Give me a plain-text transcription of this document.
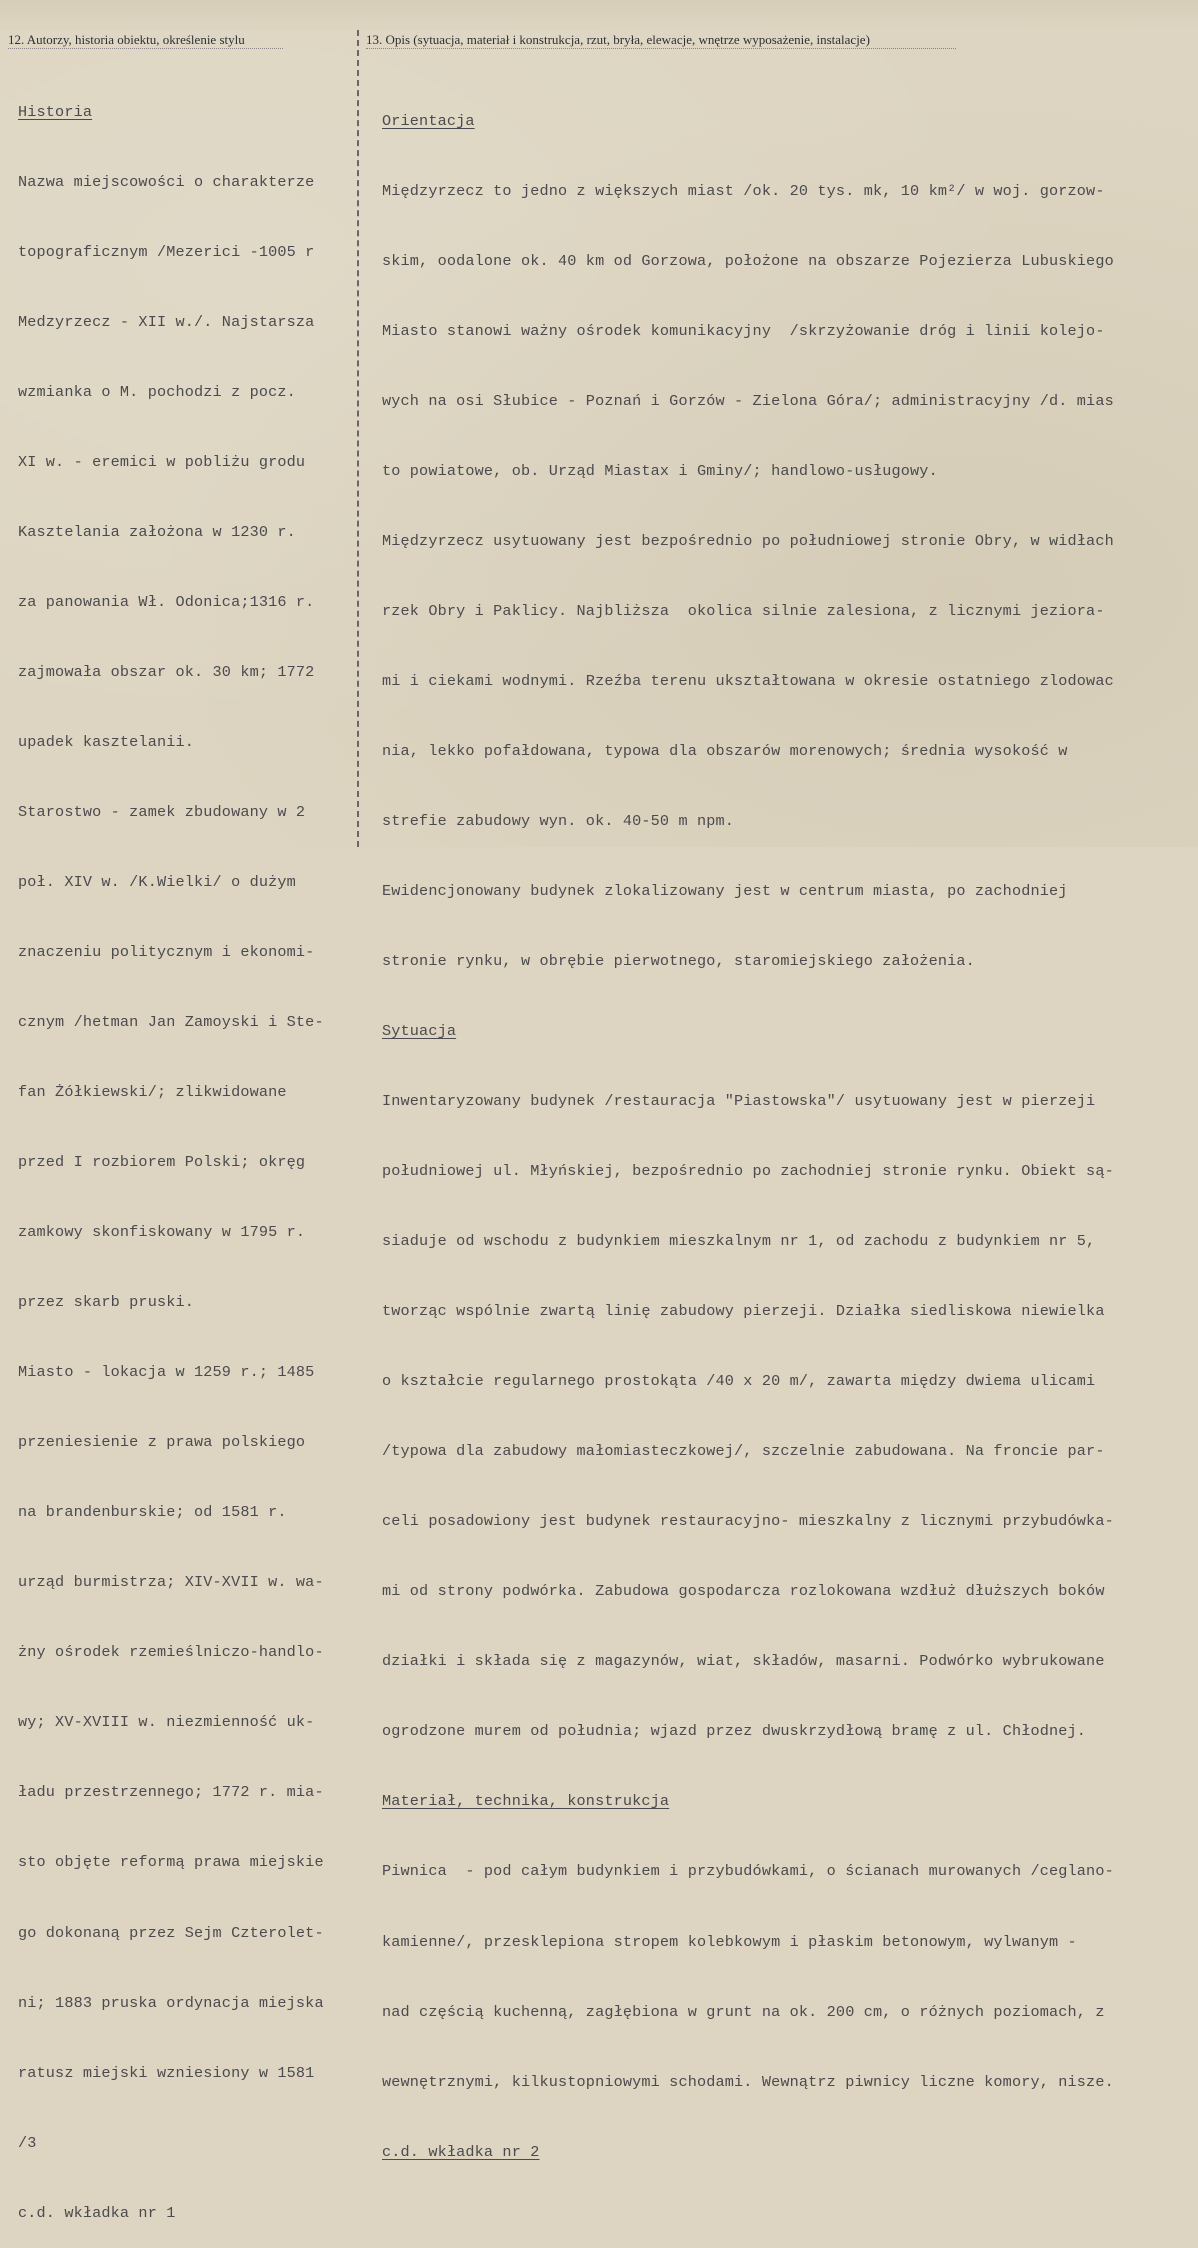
12. Autorzy, historia obiektu, określenie stylu	13. Opis (sytuacja, materiał i konstrukcja, rzut, bryła, elewacje, wnętrze wyposażenie, instalacje)

Historia

Nazwa miejscowości o charakterze

topograficznym /Mezerici -1005 r

Medzyrzecz - XII w./. Najstarsza

wzmianka o M. pochodzi z pocz.

XI w. - eremici w pobliżu grodu

Kasztelania założona w 1230 r.

za panowania Wł. Odonica;1316 r.

zajmowała obszar ok. 30 km; 1772

upadek kasztelanii.

Starostwo - zamek zbudowany w 2

poł. XIV w. /K.Wielki/ o dużym

znaczeniu politycznym i ekonomi-

cznym /hetman Jan Zamoyski i Ste-

fan Żółkiewski/; zlikwidowane

przed I rozbiorem Polski; okręg

zamkowy skonfiskowany w 1795 r.

przez skarb pruski.

Miasto - lokacja w 1259 r.; 1485

przeniesienie z prawa polskiego

na brandenburskie; od 1581 r.

urząd burmistrza; XIV-XVII w. wa-

żny ośrodek rzemieślniczo-handlo-

wy; XV-XVIII w. niezmienność uk-

ładu przestrzennego; 1772 r. mia-

sto objęte reformą prawa miejskie

go dokonaną przez Sejm Czterolet-

ni; 1883 pruska ordynacja miejska

ratusz miejski wzniesiony w 1581

/3

c.d. wkładka nr 1

Orientacja

Międzyrzecz to jedno z większych miast /ok. 20 tys. mk, 10 km²/ w woj. gorzow-

skim, oodalone ok. 40 km od Gorzowa, położone na obszarze Pojezierza Lubuskiego

Miasto stanowi ważny ośrodek komunikacyjny  /skrzyżowanie dróg i linii kolejo-

wych na osi Słubice - Poznań i Gorzów - Zielona Góra/; administracyjny /d. mias

to powiatowe, ob. Urząd Miastax i Gminy/; handlowo-usługowy.

Międzyrzecz usytuowany jest bezpośrednio po południowej stronie Obry, w widłach

rzek Obry i Paklicy. Najbliższa  okolica silnie zalesiona, z licznymi jeziora-

mi i ciekami wodnymi. Rzeźba terenu ukształtowana w okresie ostatniego zlodowac

nia, lekko pofałdowana, typowa dla obszarów morenowych; średnia wysokość w

strefie zabudowy wyn. ok. 40-50 m npm.

Ewidencjonowany budynek zlokalizowany jest w centrum miasta, po zachodniej

stronie rynku, w obrębie pierwotnego, staromiejskiego założenia.

Sytuacja

Inwentaryzowany budynek /restauracja "Piastowska"/ usytuowany jest w pierzeji

południowej ul. Młyńskiej, bezpośrednio po zachodniej stronie rynku. Obiekt są-

siaduje od wschodu z budynkiem mieszkalnym nr 1, od zachodu z budynkiem nr 5,

tworząc wspólnie zwartą linię zabudowy pierzeji. Działka siedliskowa niewielka

o kształcie regularnego prostokąta /40 x 20 m/, zawarta między dwiema ulicami

/typowa dla zabudowy małomiasteczkowej/, szczelnie zabudowana. Na froncie par-

celi posadowiony jest budynek restauracyjno- mieszkalny z licznymi przybudówka-

mi od strony podwórka. Zabudowa gospodarcza rozlokowana wzdłuż dłuższych boków

działki i składa się z magazynów, wiat, składów, masarni. Podwórko wybrukowane

ogrodzone murem od południa; wjazd przez dwuskrzydłową bramę z ul. Chłodnej.

Materiał, technika, konstrukcja

Piwnica  - pod całym budynkiem i przybudówkami, o ścianach murowanych /ceglano-

kamienne/, przesklepiona stropem kolebkowym i płaskim betonowym, wylwanym -

nad częścią kuchenną, zagłębiona w grunt na ok. 200 cm, o różnych poziomach, z

wewnętrznymi, kilkustopniowymi schodami. Wewnątrz piwnicy liczne komory, nisze.

c.d. wkładka nr 2
